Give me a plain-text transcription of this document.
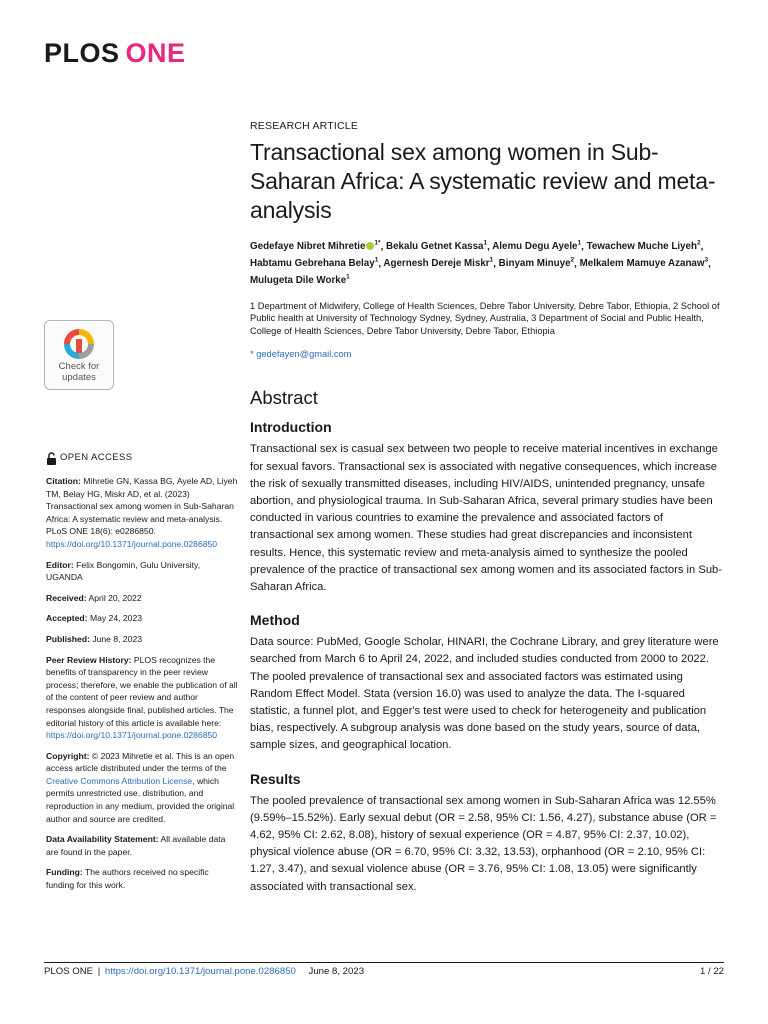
PLOS ONE
Check for
updates
OPEN ACCESS
Citation: Mihretie GN, Kassa BG, Ayele AD, Liyeh TM, Belay HG, Miskr AD, et al. (2023) Transactional sex among women in Sub-Saharan Africa: A systematic review and meta-analysis. PLoS ONE 18(6): e0286850. https://doi.org/10.1371/journal.pone.0286850
Editor: Felix Bongomin, Gulu University, UGANDA
Received: April 20, 2022
Accepted: May 24, 2023
Published: June 8, 2023
Peer Review History: PLOS recognizes the benefits of transparency in the peer review process; therefore, we enable the publication of all of the content of peer review and author responses alongside final, published articles. The editorial history of this article is available here: https://doi.org/10.1371/journal.pone.0286850
Copyright: © 2023 Mihretie et al. This is an open access article distributed under the terms of the Creative Commons Attribution License, which permits unrestricted use, distribution, and reproduction in any medium, provided the original author and source are credited.
Data Availability Statement: All available data are found in the paper.
Funding: The authors received no specific funding for this work.
RESEARCH ARTICLE
Transactional sex among women in Sub-Saharan Africa: A systematic review and meta-analysis
Gedefaye Nibret Mihretie $^{1*}$, Bekalu Getnet Kassa$^1$, Alemu Degu Ayele$^1$, Tewachew Muche Liyeh$^2$, Habtamu Gebrehana Belay$^1$, Agernesh Dereje Miskr$^1$, Binyam Minuye$^2$, Melkalem Mamuye Azanaw$^3$, Mulugeta Dile Worke$^1$
1 Department of Midwifery, College of Health Sciences, Debre Tabor University, Debre Tabor, Ethiopia, 2 School of Public health at University of Technology Sydney, Sydney, Australia, 3 Department of Social and Public Health, College of Health Sciences, Debre Tabor University, Debre Tabor, Ethiopia
* gedefayen@gmail.com
Abstract
Introduction

Transactional sex is casual sex between two people to receive material incentives in exchange for sexual favors. Transactional sex is associated with negative consequences, which increase the risk of sexually transmitted diseases, including HIV/AIDS, unintended pregnancy, unsafe abortion, and physiological trauma. In Sub-Saharan Africa, several primary studies have been conducted in various countries to examine the prevalence and associated factors of transactional sex among women. These studies had great discrepancies and inconsistent results. Hence, this systematic review and meta-analysis aimed to synthesize the pooled prevalence of the practice of transactional sex among women and its associated factors in Sub-Saharan Africa.

Method

Data source: PubMed, Google Scholar, HINARI, the Cochrane Library, and grey literature were searched from March 6 to April 24, 2022, and included studies conducted from 2000 to 2022. The pooled prevalence of transactional sex and associated factors was estimated using Random Effect Model. Stata (version 16.0) was used to analyze the data. The I-squared statistic, a funnel plot, and Egger's test were used to check for heterogeneity and publication bias, respectively. A subgroup analysis was done based on the study years, source of data, sample sizes, and geographical location.

Results

The pooled prevalence of transactional sex among women in Sub-Saharan Africa was 12.55% (9.59%–15.52%). Early sexual debut (OR = 2.58, 95% CI: 1.56, 4.27), substance abuse (OR = 4.62, 95% CI: 2.62, 8.08), history of sexual experience (OR = 4.87, 95% CI: 2.37, 10.02), physical violence abuse (OR = 6.70, 95% CI: 3.32, 13.53), orphanhood (OR = 2.10, 95% CI: 1.27, 3.47), and sexual violence abuse (OR = 3.76, 95% CI: 1.08, 13.05) were significantly associated with transactional sex.

PLOS ONE | https://doi.org/10.1371/journal.pone.0286850 June 8, 2023	1 / 22
